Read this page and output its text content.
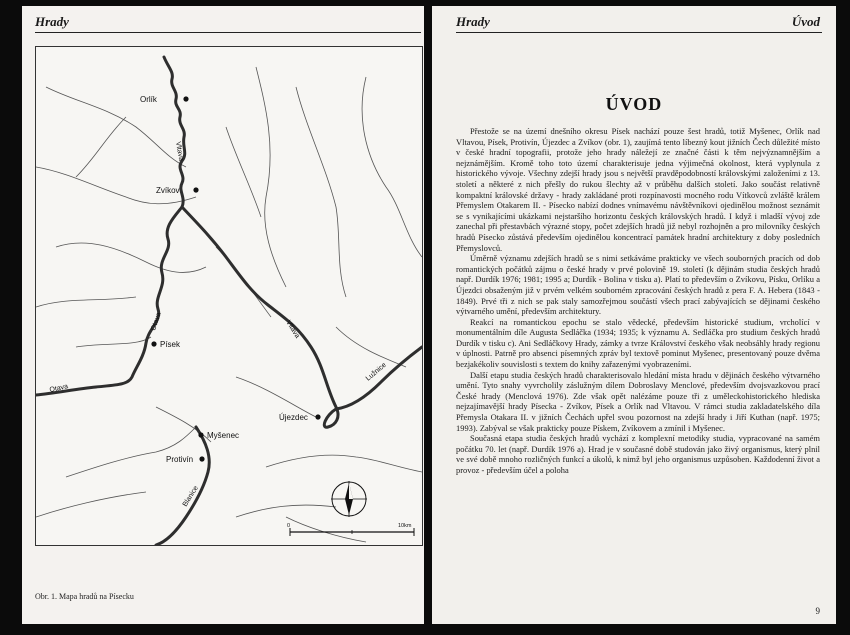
Hrady
Orlík
Zvíkov
Písek
Myšenec
Protivín
Újezdec
Vltava
Otava	Vltava
Lužnice
Otava
Blanice
0	10km
Obr. 1. Mapa hradů na Písecku
Hrady	Úvod
ÚVOD

Přestože se na území dnešního okresu Písek nachází pouze šest hradů, totiž Myšenec, Orlík nad Vltavou, Písek, Protivín, Újezdec a Zvíkov (obr. 1), zaujímá tento líbezný kout jižních Čech důležité místo v české hradní topografii, protože jeho hrady náležejí ze značné části k těm nejvýznamnějším a nejznámějším. Kromě toho toto území charakterisuje jedna výjimečná okolnost, která vyplynula z historického vývoje. Všechny zdejší hrady jsou s největší pravděpodobností královskými založeními z 13. století a některé z nich přešly do rukou šlechty až v průběhu dalších století. Jako součást relativně kompaktní královské državy - hrady zakládané proti rozpínavosti mocného rodu Vítkovců zvláště králem Přemyslem Otakarem II. - Písecko nabízí dodnes vnímavému návštěvníkovi ojedinělou možnost seznámit se s vynikajícími ukázkami nejstaršího horizontu českých královských hradů. I když i mladší vývoj zde zanechal při přestavbách výrazné stopy, počet zdejších hradů již nebyl rozhojněn a pro milovníky českých hradů Písecko zůstává především ojedinělou koncentrací památek hradní architektury z doby posledních Přemyslovců.

Úměrně významu zdejších hradů se s nimi setkáváme prakticky ve všech souborných pracích od dob romantických počátků zájmu o české hrady v prvé polovině 19. století (k dějinám studia českých hradů např. Durdík 1976; 1981; 1995 a; Durdík - Bolina v tisku a). Platí to především o Zvíkovu, Písku, Orlíku a Újezdci obsaženým již v prvém velkém souborném zpracování českých hradů z pera F. A. Hebera (1843 - 1849). Prvé tři z nich se pak staly samozřejmou součástí všech prací zabývajících se dějinami českého výtvarného umění, především architektury.

Reakcí na romantickou epochu se stalo vědecké, především historické studium, vrcholící v monumentálním díle Augusta Sedláčka (1934; 1935; k významu A. Sedláčka pro studium českých hradů Durdík v tisku c). Ani Sedláčkovy Hrady, zámky a tvrze Království českého však neobsáhly hrady regionu v úplnosti. Patrně pro absenci písemných zpráv byl textově pominut Myšenec, presentovaný pouze dvěma bezjakékoliv souvislosti s textem do knihy zařazenými vyobrazeními.

Další etapu studia českých hradů charakterisovalo hledání místa hradu v dějinách českého výtvarného umění. Tyto snahy vyvrcholily záslužným dílem Dobroslavy Menclové, především dvojsvazkovou prací České hrady (Menclová 1976). Zde však opět nalézáme pouze tři z uměleckohistorického hlediska nejzajímavější hrady Písecka - Zvíkov, Písek a Orlík nad Vltavou. V rámci studia zakladatelského díla Přemysla Otakara II. v jižních Čechách upřel svou pozornost na zdejší hrady i Jiří Kuthan (např. 1975; 1993). Zabýval se však prakticky pouze Pískem, Zvíkovem a zmínil i Myšenec.

Současná etapa studia českých hradů vychází z komplexní metodiky studia, vypracované na samém počátku 70. let (např. Durdík 1976 a). Hrad je v současné době studován jako živý organismus, který plnil ve své době mnoho rozličných funkcí a úkolů, k nimž byl jeho organismus uzpůsoben. Každodenní život a provoz - především účel a poloha

9
